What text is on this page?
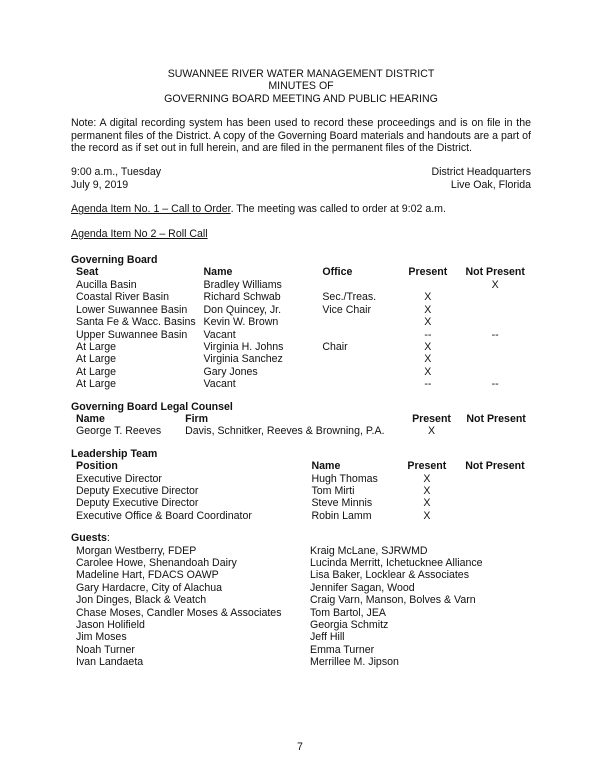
SUWANNEE RIVER WATER MANAGEMENT DISTRICT
MINUTES OF
GOVERNING BOARD MEETING AND PUBLIC HEARING
Note: A digital recording system has been used to record these proceedings and is on file in the permanent files of the District. A copy of the Governing Board materials and handouts are a part of the record as if set out in full herein, and are filed in the permanent files of the District.
9:00 a.m., Tuesday	District Headquarters
July 9, 2019	Live Oak, Florida
Agenda Item No. 1 – Call to Order. The meeting was called to order at 9:02 a.m.
Agenda Item No 2 – Roll Call
Governing Board
Seat	Name	Office	Present	Not Present
Aucilla Basin	Bradley Williams			X
Coastal River Basin	Richard Schwab	Sec./Treas.	X	
Lower Suwannee Basin	Don Quincey, Jr.	Vice Chair	X	
Santa Fe & Wacc. Basins	Kevin W. Brown		X	
Upper Suwannee Basin	Vacant		--	--
At Large	Virginia H. Johns	Chair	X	
At Large	Virginia Sanchez		X	
At Large	Gary Jones		X	
At Large	Vacant		--	--
Governing Board Legal Counsel
Name	Firm	Present	Not Present
George T. Reeves	Davis, Schnitker, Reeves & Browning, P.A.	X	
Leadership Team
Position	Name	Present	Not Present
Executive Director	Hugh Thomas	X	
Deputy Executive Director	Tom Mirti	X	
Deputy Executive Director	Steve Minnis	X	
Executive Office & Board Coordinator	Robin Lamm	X	
Guests:
Morgan Westberry, FDEP	Kraig McLane, SJRWMD
Carolee Howe, Shenandoah Dairy	Lucinda Merritt, Ichetucknee Alliance
Madeline Hart, FDACS OAWP	Lisa Baker, Locklear & Associates
Gary Hardacre, City of Alachua	Jennifer Sagan, Wood
Jon Dinges, Black & Veatch	Craig Varn, Manson, Bolves & Varn
Chase Moses, Candler Moses & Associates	Tom Bartol, JEA
Jason Holifield	Georgia Schmitz
Jim Moses	Jeff Hill
Noah Turner	Emma Turner
Ivan Landaeta	Merrillee M. Jipson
7
